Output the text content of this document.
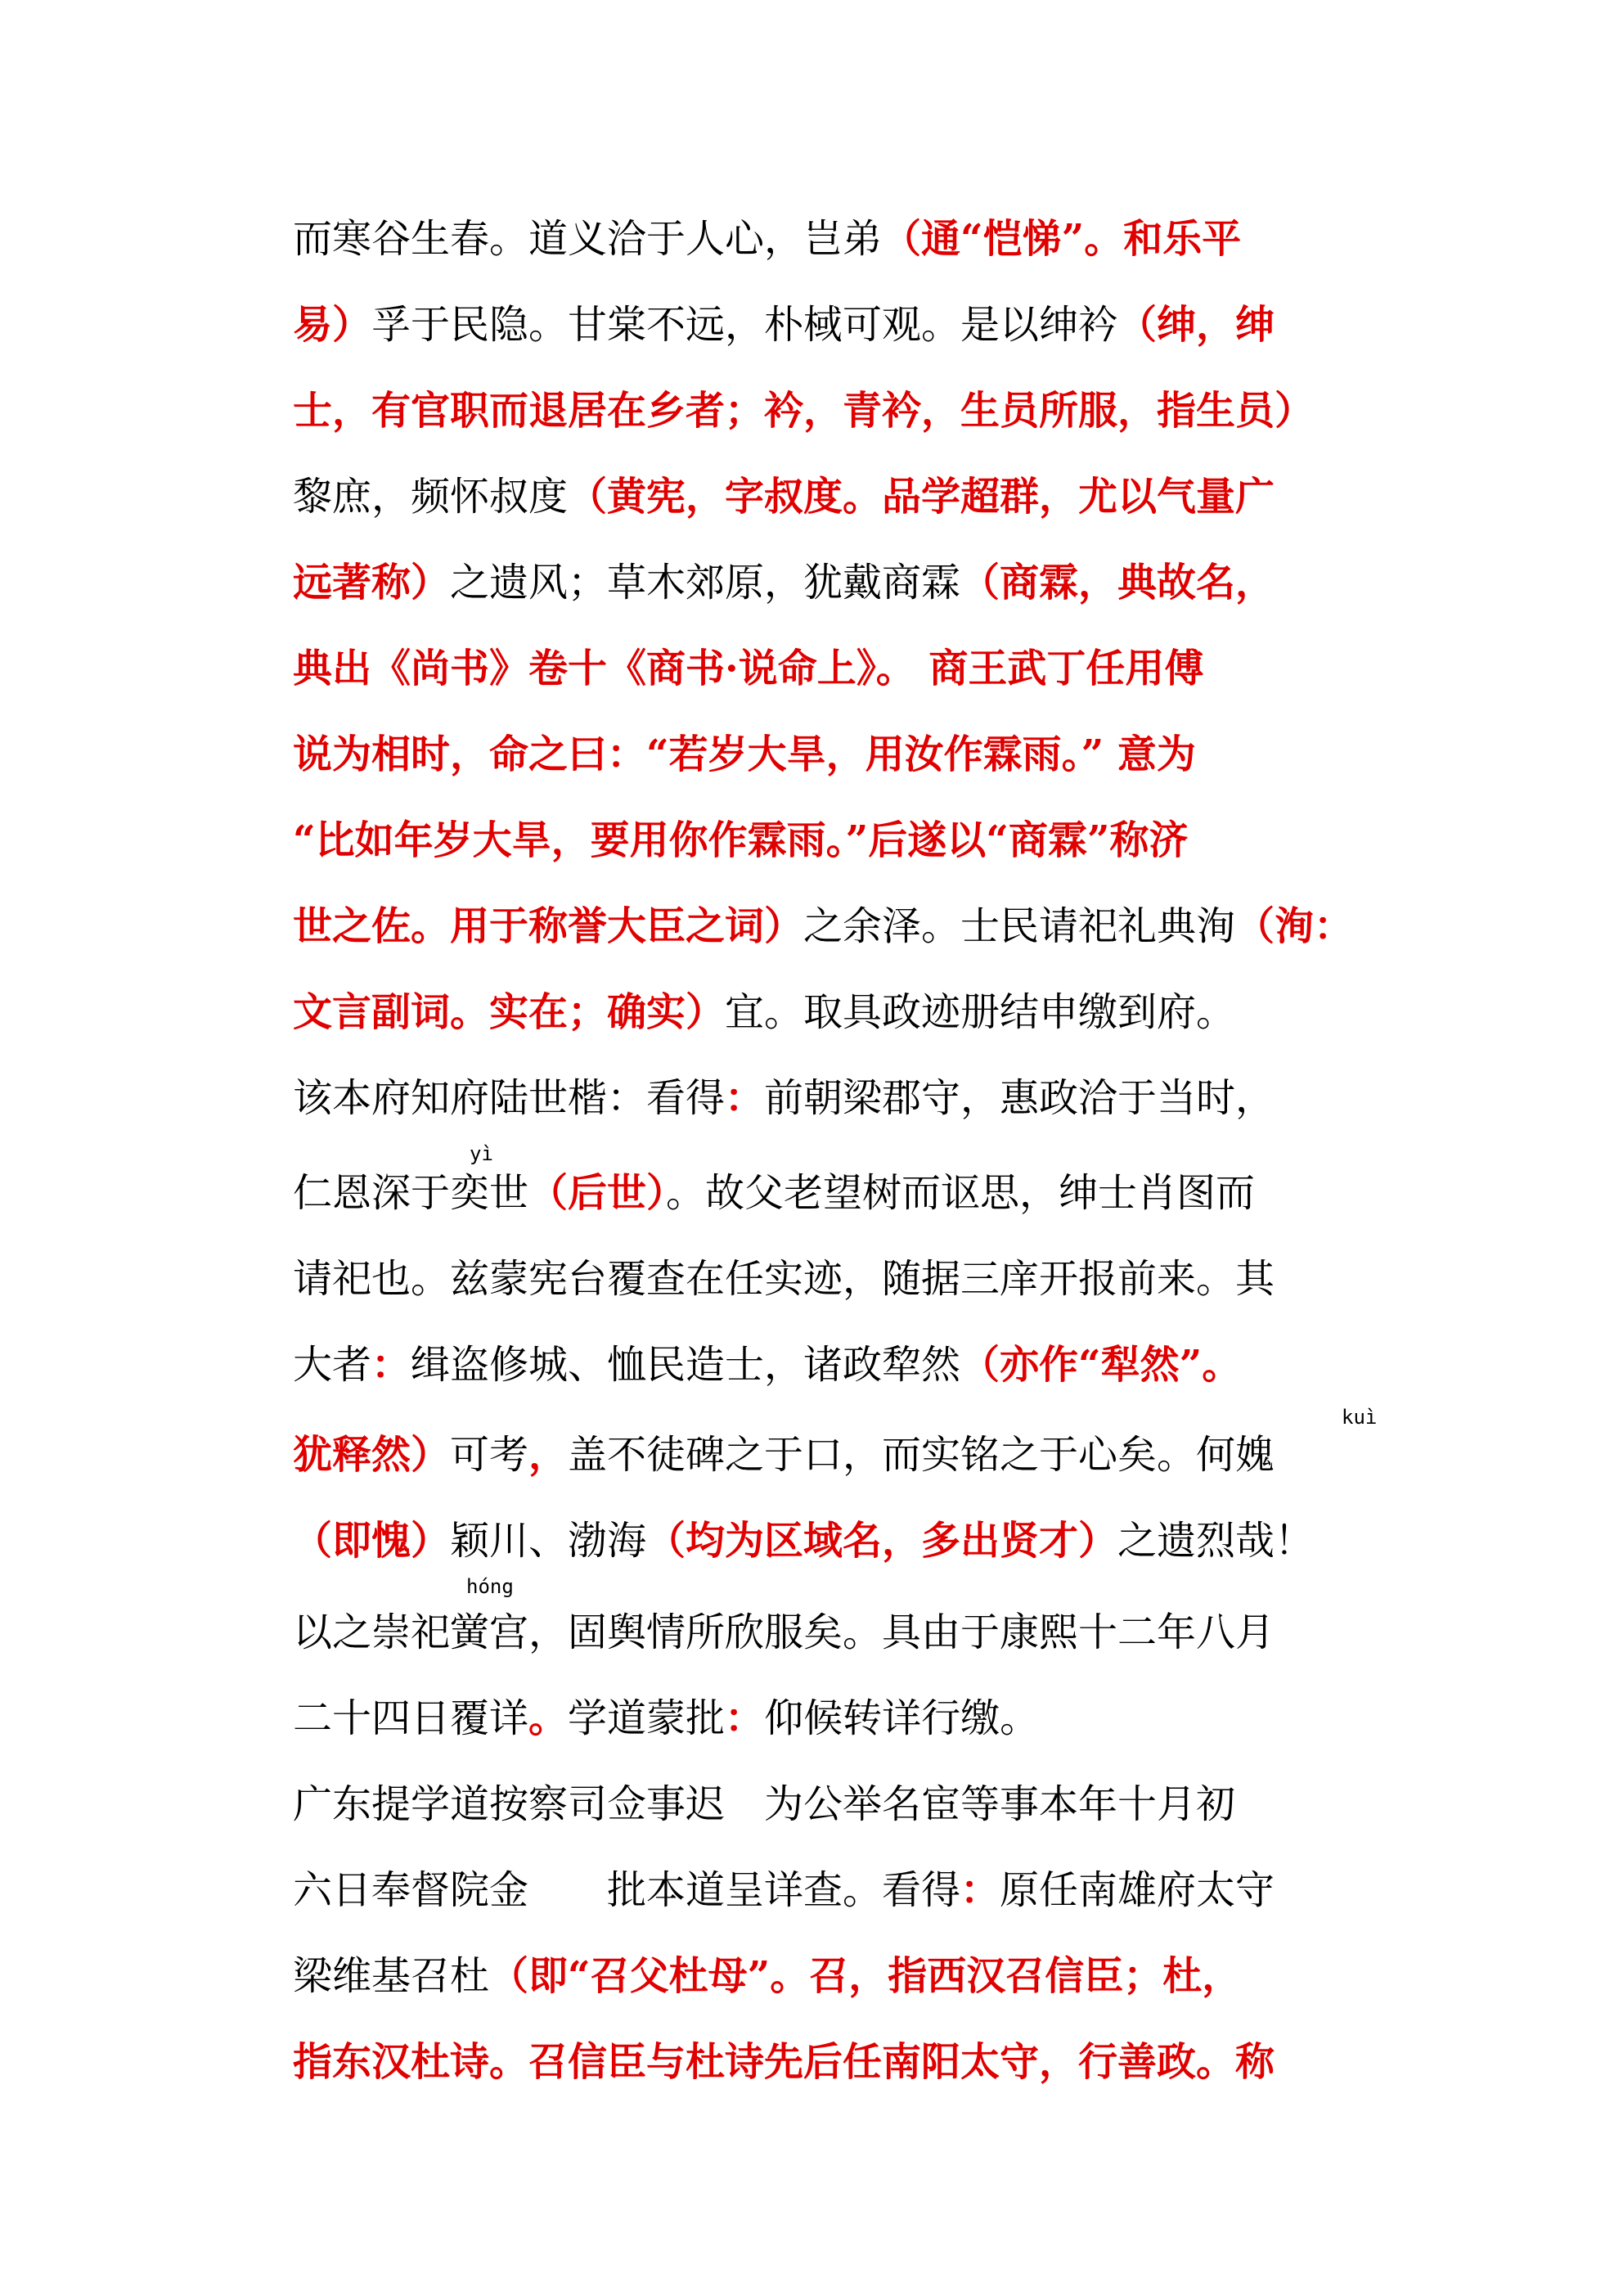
而寒谷生春。道义洽于人心，岂弟（通“恺悌”。和乐平
易）孚于民隐。甘棠不远，朴棫可观。是以绅衿（绅，绅
士，有官职而退居在乡者；衿，青衿，生员所服，指生员）
黎庶，频怀叔度（黄宪，字叔度。品学超群，尤以气量广
远著称）之遗风；草木郊原，犹戴商霖（商霖，典故名，
典出《尚书》卷十《商书·说命上》。 商王武丁任用傅
说为相时，命之曰：“若岁大旱，用汝作霖雨。” 意为
“比如年岁大旱，要用你作霖雨。”后遂以“商霖”称济
世之佐。用于称誉大臣之词）之余泽。士民请祀礼典洵（洵：
文言副词。实在；确实）宜。取具政迹册结申缴到府。
该本府知府陆世楷：看得：前朝梁郡守，惠政洽于当时，
仁恩深于奕世（后世）。故父老望树而讴思，绅士肖图而
请祀也。兹蒙宪台覆查在任实迹，随据三庠开报前来。其
大者：缉盗修城、恤民造士，诸政犂然（亦作“犁然”。
犹释然）可考，盖不徒碑之于口，而实铭之于心矣。何媿
（即愧）颖川、渤海（均为区域名，多出贤才）之遗烈哉！
以之崇祀黉宫，固舆情所欣服矣。具由于康熙十二年八月
二十四日覆详。学道蒙批：仰候转详行缴。
广东提学道按察司佥事迟　为公举名宦等事本年十月初
六日奉督院金　　批本道呈详查。看得：原任南雄府太守
梁维基召杜（即“召父杜母”。召，指西汉召信臣；杜，
指东汉杜诗。召信臣与杜诗先后任南阳太守，行善政。称
yì
kuì
hóng
